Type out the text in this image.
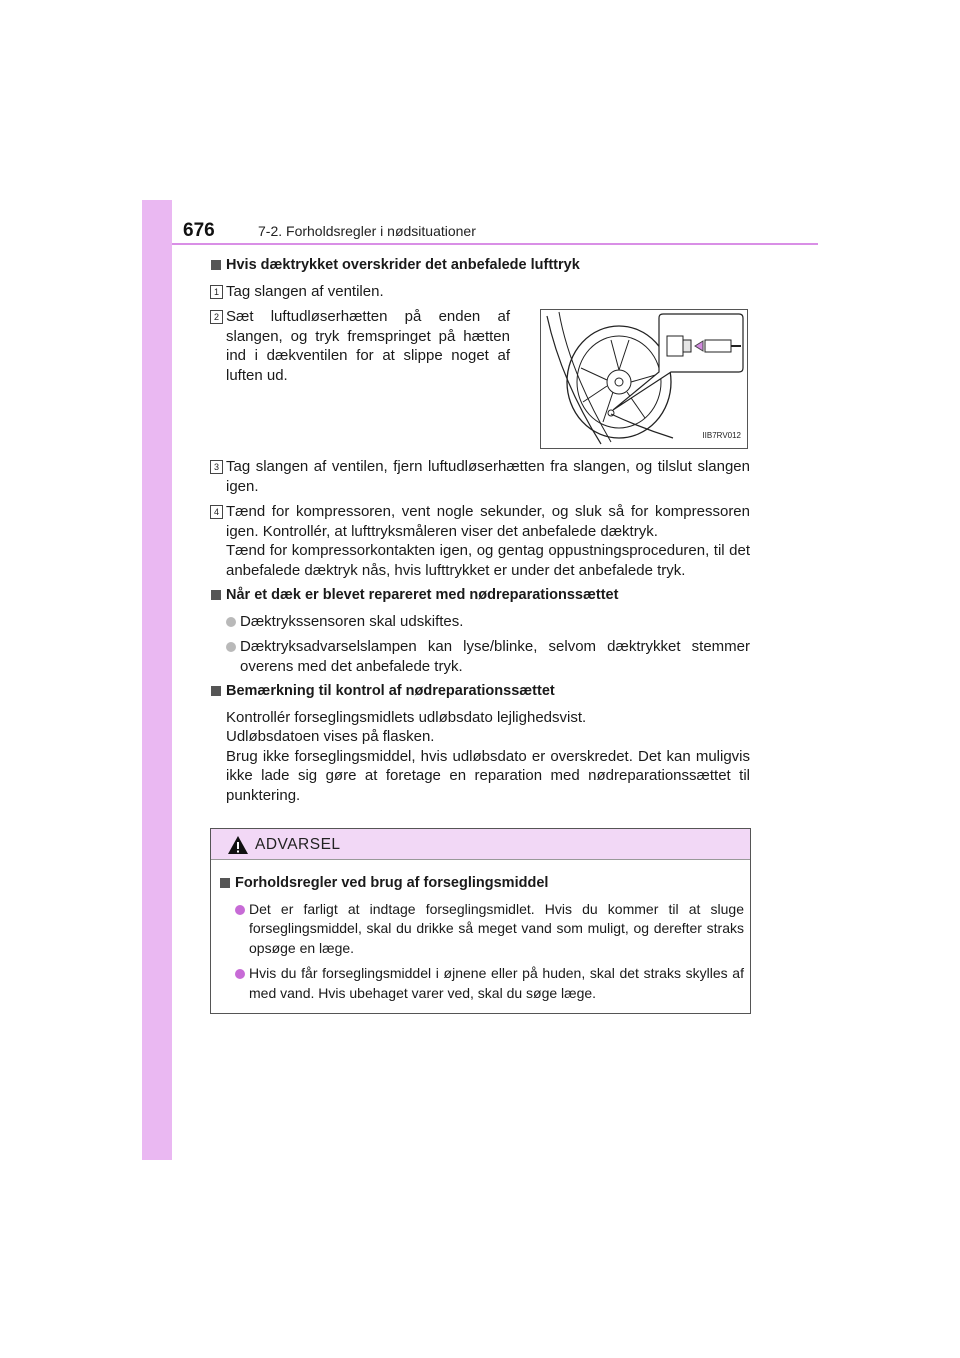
676	7-2. Forholdsregler i nødsituationer
Hvis dæktrykket overskrider det anbefalede lufttryk
1 Tag slangen af ventilen.
2 Sæt luftudløserhætten på enden af slangen, og tryk fremspringet på hætten ind i dækventilen for at slippe noget af luften ud.
IIB7RV012
3 Tag slangen af ventilen, fjern luftudløserhætten fra slangen, og tilslut slangen igen.
4 Tænd for kompressoren, vent nogle sekunder, og sluk så for kompressoren igen. Kontrollér, at lufttryksmåleren viser det anbefalede dæktryk.
Tænd for kompressorkontakten igen, og gentag oppustningsproceduren, til det anbefalede dæktryk nås, hvis lufttrykket er under det anbefalede tryk.
Når et dæk er blevet repareret med nødreparationssættet
Dæktrykssensoren skal udskiftes.
Dæktryksadvarselslampen kan lyse/blinke, selvom dæktrykket stemmer overens med det anbefalede tryk.
Bemærkning til kontrol af nødreparationssættet
Kontrollér forseglingsmidlets udløbsdato lejlighedsvist.
Udløbsdatoen vises på flasken.
Brug ikke forseglingsmiddel, hvis udløbsdato er overskredet. Det kan muligvis ikke lade sig gøre at foretage en reparation med nødreparationssættet til punktering.
ADVARSEL
Forholdsregler ved brug af forseglingsmiddel
Det er farligt at indtage forseglingsmidlet. Hvis du kommer til at sluge forseglingsmiddel, skal du drikke så meget vand som muligt, og derefter straks opsøge en læge.
Hvis du får forseglingsmiddel i øjnene eller på huden, skal det straks skylles af med vand. Hvis ubehaget varer ved, skal du søge læge.
